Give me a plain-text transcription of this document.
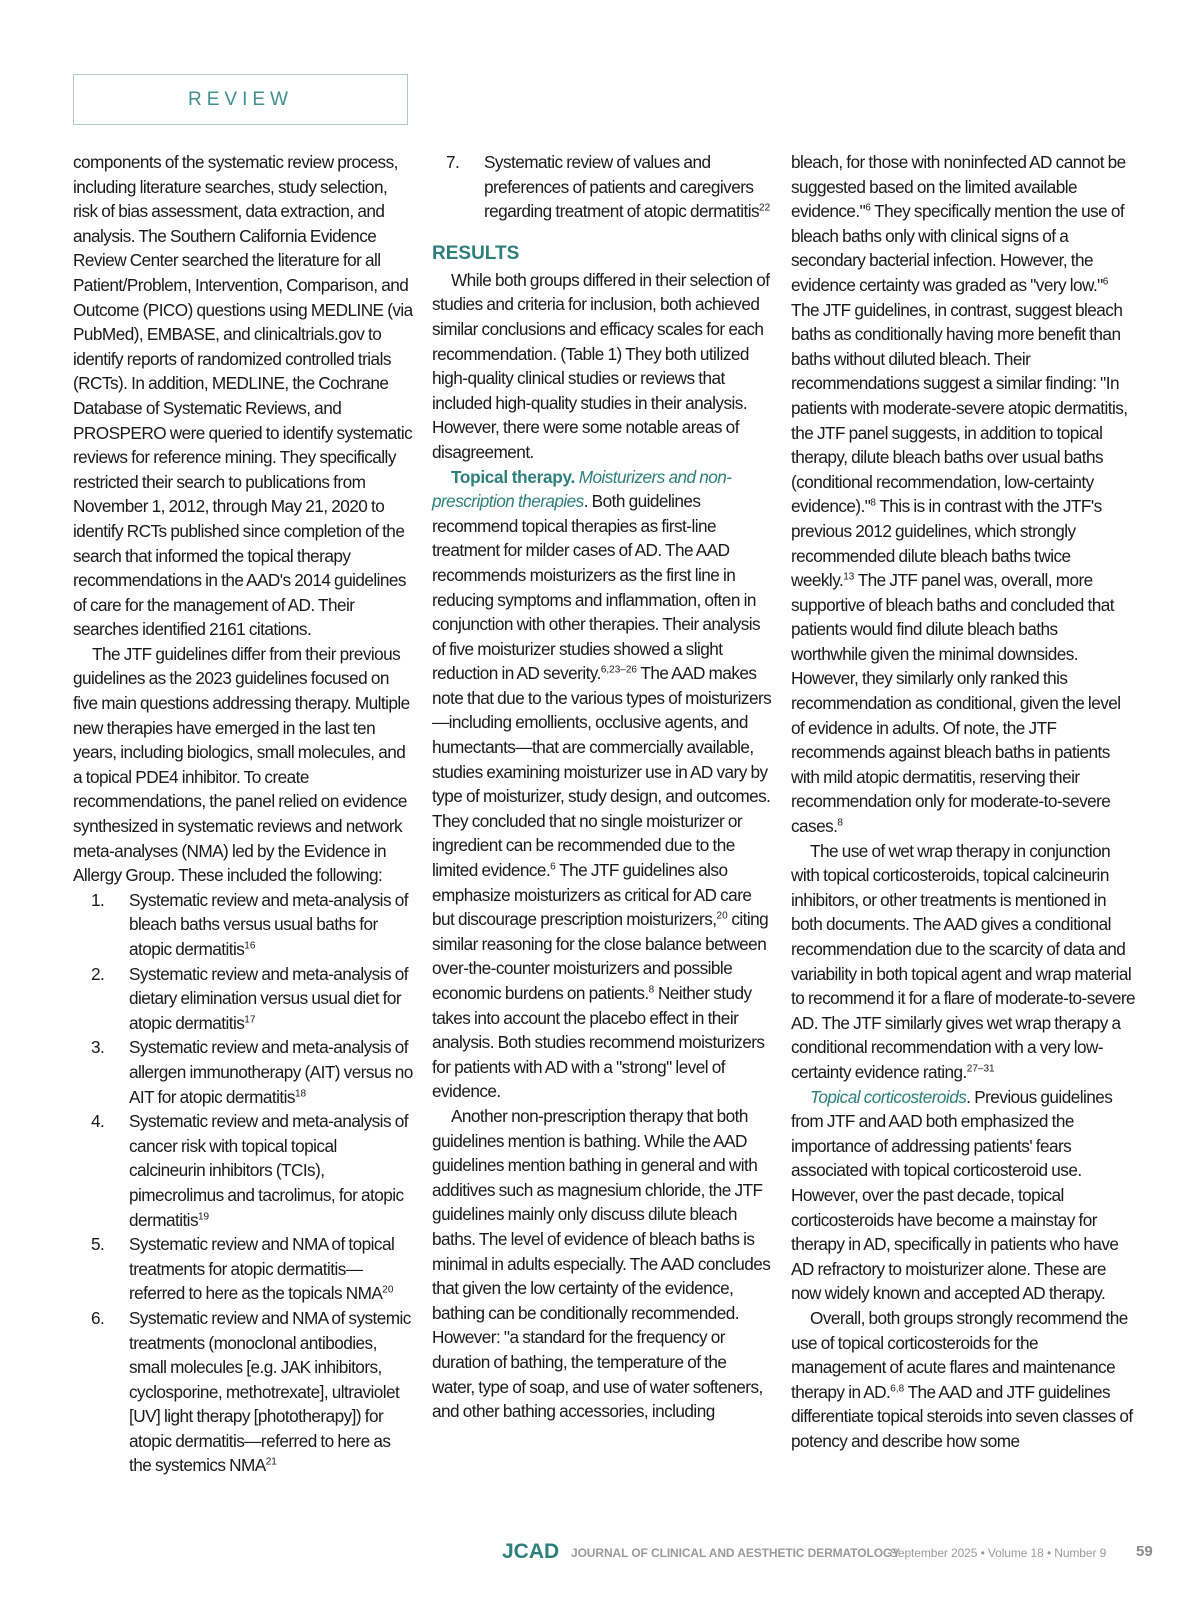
REVIEW

components of the systematic review process, including literature searches, study selection, risk of bias assessment, data extraction, and analysis. The Southern California Evidence Review Center searched the literature for all Patient/Problem, Intervention, Comparison, and Outcome (PICO) questions using MEDLINE (via PubMed), EMBASE, and clinicaltrials.gov to identify reports of randomized controlled trials (RCTs). In addition, MEDLINE, the Cochrane Database of Systematic Reviews, and PROSPERO were queried to identify systematic reviews for reference mining. They specifically restricted their search to publications from November 1, 2012, through May 21, 2020 to identify RCTs published since completion of the search that informed the topical therapy recommendations in the AAD's 2014 guidelines of care for the management of AD. Their searches identified 2161 citations.

The JTF guidelines differ from their previous guidelines as the 2023 guidelines focused on five main questions addressing therapy. Multiple new therapies have emerged in the last ten years, including biologics, small molecules, and a topical PDE4 inhibitor. To create recommendations, the panel relied on evidence synthesized in systematic reviews and network meta-analyses (NMA) led by the Evidence in Allergy Group. These included the following:

1. Systematic review and meta-analysis of bleach baths versus usual baths for atopic dermatitis$^{16}$
2. Systematic review and meta-analysis of dietary elimination versus usual diet for atopic dermatitis$^{17}$
3. Systematic review and meta-analysis of allergen immunotherapy (AIT) versus no AIT for atopic dermatitis$^{18}$
4. Systematic review and meta-analysis of cancer risk with topical topical calcineurin inhibitors (TCIs), pimecrolimus and tacrolimus, for atopic dermatitis$^{19}$
5. Systematic review and NMA of topical treatments for atopic dermatitis—referred to here as the topicals NMA$^{20}$
6. Systematic review and NMA of systemic treatments (monoclonal antibodies, small molecules [e.g. JAK inhibitors, cyclosporine, methotrexate], ultraviolet [UV] light therapy [phototherapy]) for atopic dermatitis—referred to here as the systemics NMA$^{21}$
7. Systematic review of values and preferences of patients and caregivers regarding treatment of atopic dermatitis$^{22}$
RESULTS

While both groups differed in their selection of studies and criteria for inclusion, both achieved similar conclusions and efficacy scales for each recommendation. (Table 1) They both utilized high-quality clinical studies or reviews that included high-quality studies in their analysis. However, there were some notable areas of disagreement.

Topical therapy. Moisturizers and non-prescription therapies. Both guidelines recommend topical therapies as first-line treatment for milder cases of AD. The AAD recommends moisturizers as the first line in reducing symptoms and inflammation, often in conjunction with other therapies. Their analysis of five moisturizer studies showed a slight reduction in AD severity.$^{6,23-26}$ The AAD makes note that due to the various types of moisturizers—including emollients, occlusive agents, and humectants—that are commercially available, studies examining moisturizer use in AD vary by type of moisturizer, study design, and outcomes. They concluded that no single moisturizer or ingredient can be recommended due to the limited evidence.$^6$ The JTF guidelines also emphasize moisturizers as critical for AD care but discourage prescription moisturizers,$^{20}$ citing similar reasoning for the close balance between over-the-counter moisturizers and possible economic burdens on patients.$^8$ Neither study takes into account the placebo effect in their analysis. Both studies recommend moisturizers for patients with AD with a "strong" level of evidence.

Another non-prescription therapy that both guidelines mention is bathing. While the AAD guidelines mention bathing in general and with additives such as magnesium chloride, the JTF guidelines mainly only discuss dilute bleach baths. The level of evidence of bleach baths is minimal in adults especially. The AAD concludes that given the low certainty of the evidence, bathing can be conditionally recommended. However: "a standard for the frequency or duration of bathing, the temperature of the water, type of soap, and use of water softeners, and other bathing accessories, including

bleach, for those with noninfected AD cannot be suggested based on the limited available evidence."$^6$ They specifically mention the use of bleach baths only with clinical signs of a secondary bacterial infection. However, the evidence certainty was graded as "very low."$^6$ The JTF guidelines, in contrast, suggest bleach baths as conditionally having more benefit than baths without diluted bleach. Their recommendations suggest a similar finding: "In patients with moderate-severe atopic dermatitis, the JTF panel suggests, in addition to topical therapy, dilute bleach baths over usual baths (conditional recommendation, low-certainty evidence)."$^8$ This is in contrast with the JTF's previous 2012 guidelines, which strongly recommended dilute bleach baths twice weekly.$^{13}$ The JTF panel was, overall, more supportive of bleach baths and concluded that patients would find dilute bleach baths worthwhile given the minimal downsides. However, they similarly only ranked this recommendation as conditional, given the level of evidence in adults. Of note, the JTF recommends against bleach baths in patients with mild atopic dermatitis, reserving their recommendation only for moderate-to-severe cases.$^8$

The use of wet wrap therapy in conjunction with topical corticosteroids, topical calcineurin inhibitors, or other treatments is mentioned in both documents. The AAD gives a conditional recommendation due to the scarcity of data and variability in both topical agent and wrap material to recommend it for a flare of moderate-to-severe AD. The JTF similarly gives wet wrap therapy a conditional recommendation with a very low-certainty evidence rating.$^{27-31}$

Topical corticosteroids. Previous guidelines from JTF and AAD both emphasized the importance of addressing patients' fears associated with topical corticosteroid use. However, over the past decade, topical corticosteroids have become a mainstay for therapy in AD, specifically in patients who have AD refractory to moisturizer alone. These are now widely known and accepted AD therapy.

Overall, both groups strongly recommend the use of topical corticosteroids for the management of acute flares and maintenance therapy in AD.$^{6,8}$ The AAD and JTF guidelines differentiate topical steroids into seven classes of potency and describe how some

JCAD JOURNAL OF CLINICAL AND AESTHETIC DERMATOLOGY
September 2025 • Volume 18 • Number 9 59
